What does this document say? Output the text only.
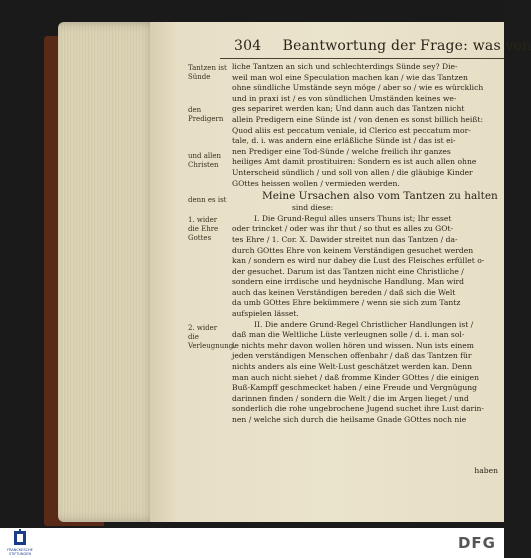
304 Beantwortung der Frage: was von
Tantzen ist Sünde
den Predigern
und allen Christen
denn es ist
1. wider die Ehre Gottes
2. wider die Verleugnung.
liche Tantzen an sich und schlechterdings Sünde sey? Die-
weil man wol eine Speculation machen kan / wie das Tantzen
ohne sündliche Umstände seyn möge / aber so / wie es würcklich
und in praxi ist / es von sündlichen Umständen keines we-
ges separiret werden kan; Und dann auch das Tantzen nicht
allein Predigern eine Sünde ist / von denen es sonst billich heißt:
Quod aliis est peccatum veniale, id Clerico est peccatum mor-
tale, d. i. was andern eine erläßliche Sünde ist / das ist ei-
nen Prediger eine Tod-Sünde / welche freilich ihr ganzes
heiliges Amt damit prostituiren: Sondern es ist auch allen ohne
Unterscheid sündlich / und soll von allen / die gläubige Kinder
GOttes heissen wollen / vermieden werden.
Meine Ursachen also vom Tantzen zu halten
sind diese:
I. Die Grund-Regul alles unsers Thuns ist; Ihr esset
oder trincket / oder was ihr thut / so thut es alles zu GOt-
tes Ehre / 1. Cor. X. Dawider streitet nun das Tantzen / da-
durch GOttes Ehre von keinem Verständigen gesuchet werden
kan / sondern es wird nur dabey die Lust des Fleisches erfüllet o-
der gesuchet. Darum ist das Tantzen nicht eine Christliche /
sondern eine irrdische und heydnische Handlung. Man wird
auch das keinen Verständigen bereden / daß sich die Welt
da umb GOttes Ehre bekümmere / wenn sie sich zum Tantz
aufspielen lässet.
II. Die andere Grund-Regel Christlicher Handlungen ist /
daß man die Weltliche Lüste verleugnen solle / d. i. man sol-
le nichts mehr davon wollen hören und wissen. Nun ists einem
jeden verständigen Menschen offenbahr / daß das Tantzen für
nichts anders als eine Welt-Lust geschätzet werden kan. Denn
man auch nicht siehet / daß fromme Kinder GOttes / die einigen
Buß-Kampff geschmecket haben / eine Freude und Vergnügung
darinnen finden / sondern die Welt / die im Argen lieget / und
sonderlich die rohe ungebrochene Jugend suchet ihre Lust darin-
nen / welche sich durch die heilsame Gnade GOttes noch nie
haben
FRANCKESCHE STIFTUNGEN
DFG
